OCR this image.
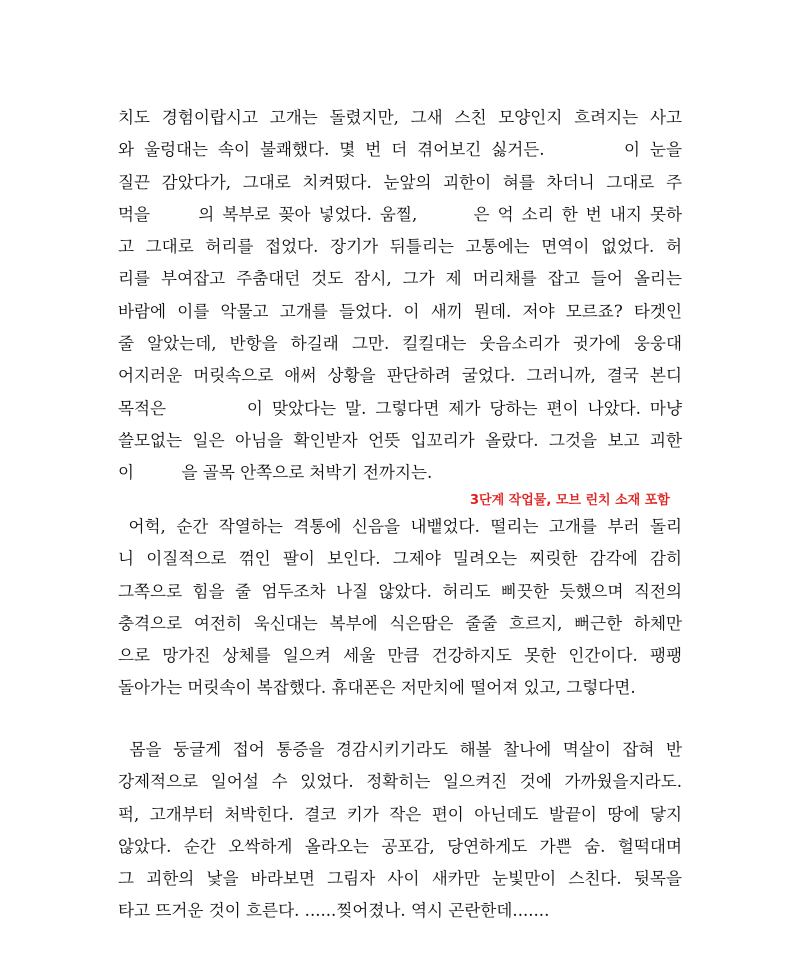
치도 경험이랍시고 고개는 돌렸지만, 그새 스친 모양인지 흐려지는 사고
와 울렁대는 속이 불쾌했다. 몇 번 더 겪어보긴 싫거든.        이 눈을
질끈 감았다가, 그대로 치켜떴다. 눈앞의 괴한이 혀를 차더니 그대로 주
먹을      의 복부로 꽂아 넣었다. 움찔,       은 억 소리 한 번 내지 못하
고 그대로 허리를 접었다. 장기가 뒤틀리는 고통에는 면역이 없었다. 허
리를 부여잡고 주춤대던 것도 잠시, 그가 제 머리채를 잡고 들어 올리는
바람에 이를 악물고 고개를 들었다. 이 새끼 뭔데. 저야 모르죠? 타겟인
줄 알았는데, 반항을 하길래 그만. 킬킬대는 웃음소리가 귓가에 웅웅대
어지러운 머릿속으로 애써 상황을 판단하려 굴었다. 그러니까, 결국 본디
목적은         이 맞았다는 말. 그렇다면 제가 당하는 편이 나았다. 마냥
쓸모없는 일은 아님을 확인받자 언뜻 입꼬리가 올랐다. 그것을 보고 괴한
이         을 골목 안쪽으로 처박기 전까지는.
3단계 작업물, 모브 린치 소재 포함
어헉, 순간 작열하는 격통에 신음을 내뱉었다. 떨리는 고개를 부러 돌리
니 이질적으로 꺾인 팔이 보인다. 그제야 밀려오는 찌릿한 감각에 감히
그쪽으로 힘을 줄 엄두조차 나질 않았다. 허리도 삐끗한 듯했으며 직전의
충격으로 여전히 욱신대는 복부에 식은땀은 줄줄 흐르지, 뻐근한 하체만
으로 망가진 상체를 일으켜 세울 만큼 건강하지도 못한 인간이다. 팽팽
돌아가는 머릿속이 복잡했다. 휴대폰은 저만치에 떨어져 있고, 그렇다면.
몸을 둥글게 접어 통증을 경감시키기라도 해볼 찰나에 멱살이 잡혀 반
강제적으로 일어설 수 있었다. 정확히는 일으켜진 것에 가까웠을지라도.
퍽, 고개부터 처박힌다. 결코 키가 작은 편이 아닌데도 발끝이 땅에 닿지
않았다. 순간 오싹하게 올라오는 공포감, 당연하게도 가쁜 숨. 헐떡대며
그 괴한의 낯을 바라보면 그림자 사이 새카만 눈빛만이 스친다. 뒷목을
타고 뜨거운 것이 흐른다. ......찢어졌나. 역시 곤란한데.......
